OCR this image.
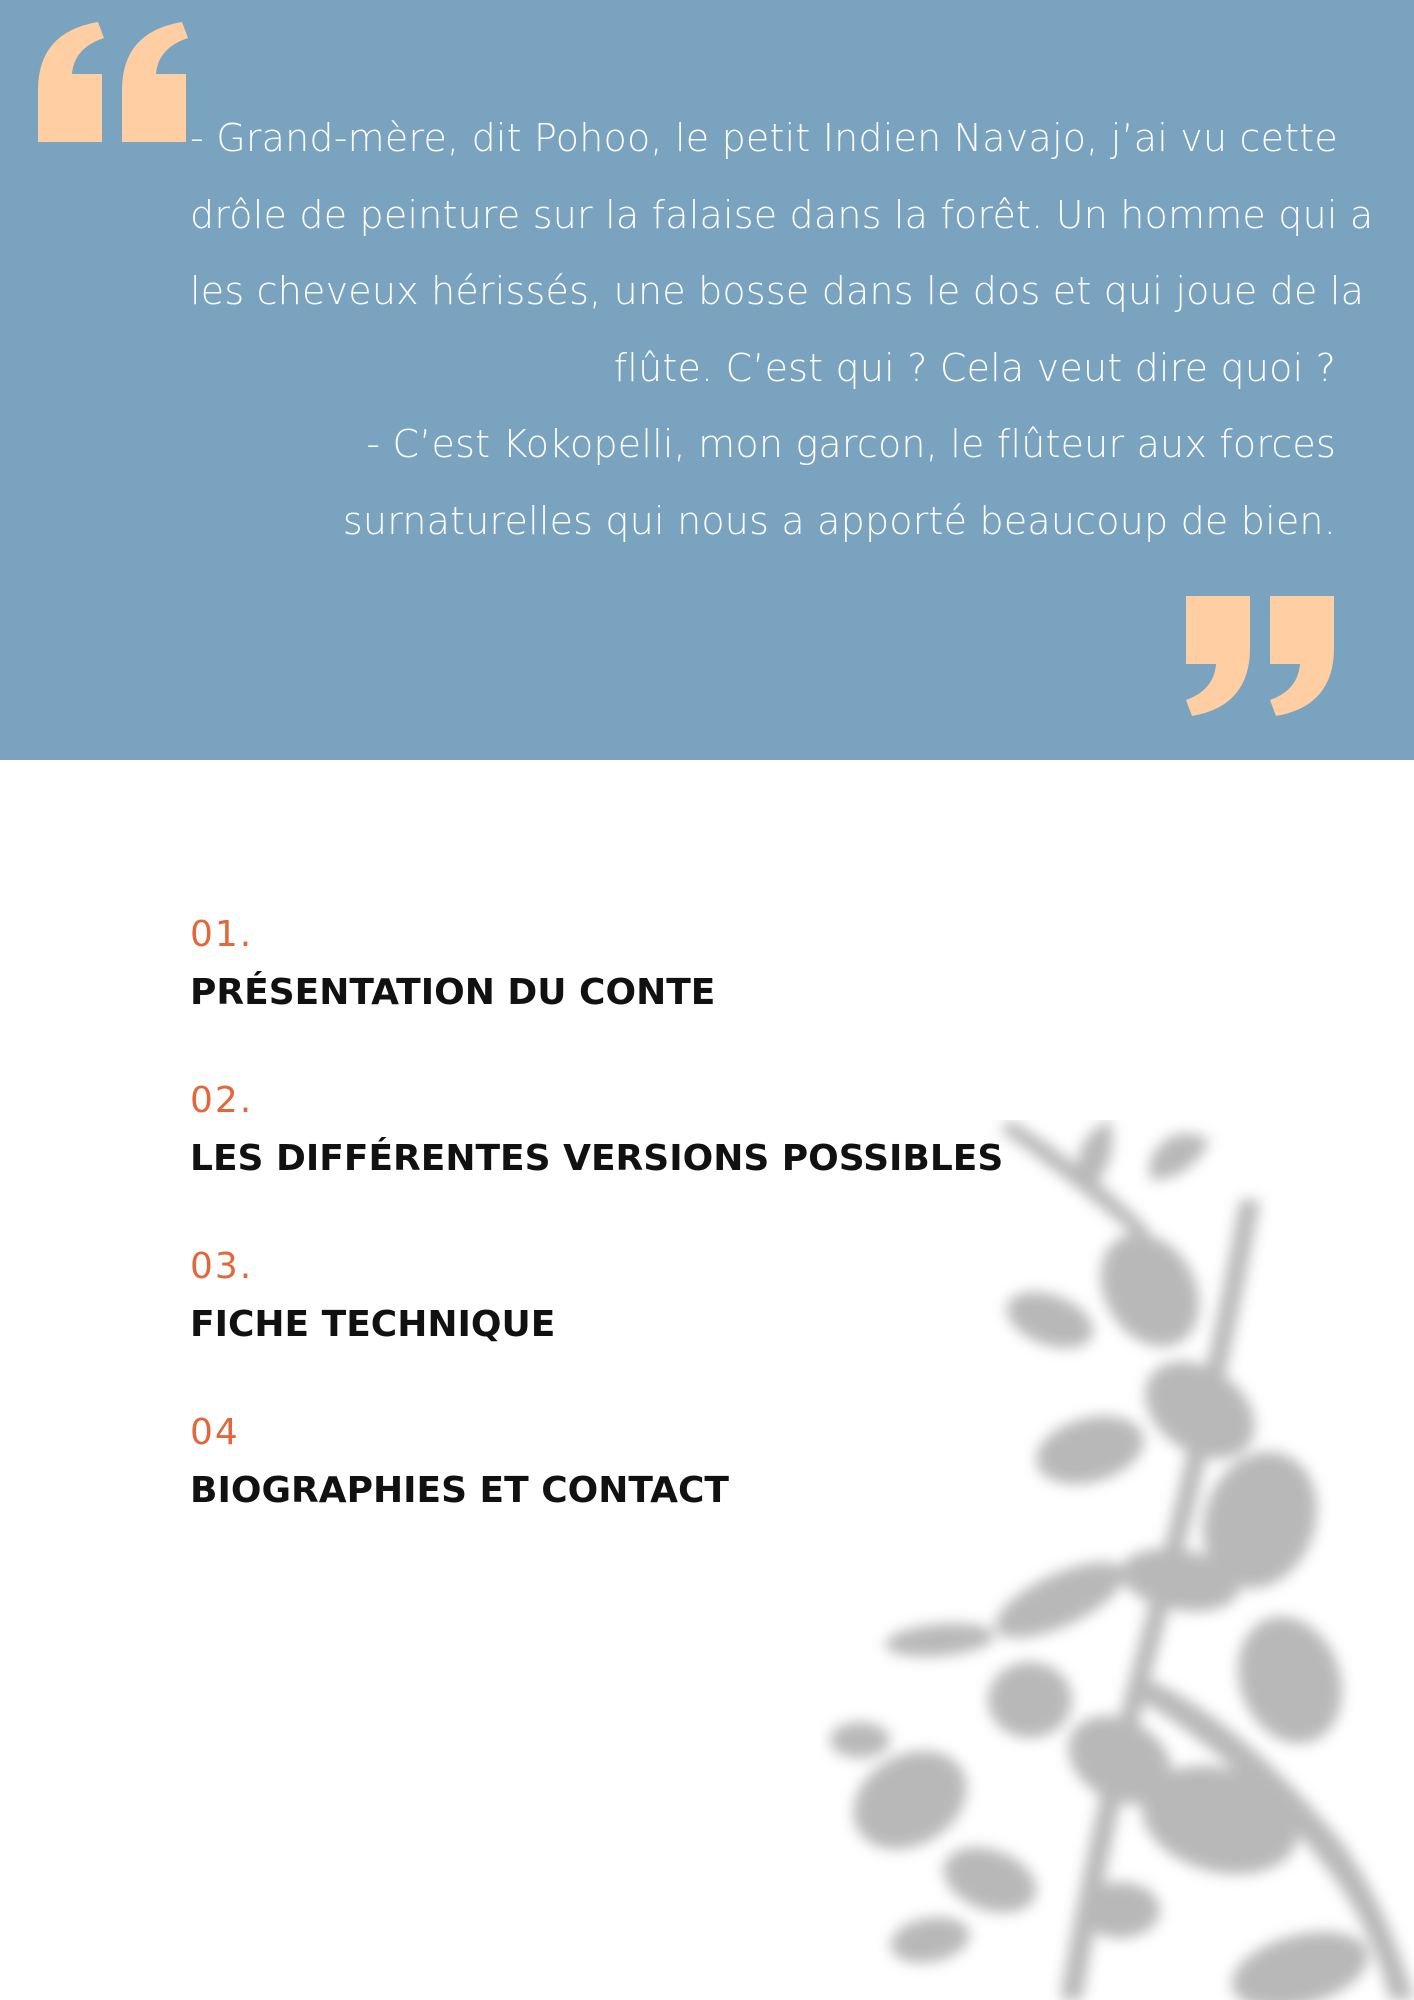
- Grand-mère, dit Pohoo, le petit Indien Navajo, j’ai vu cette
drôle de peinture sur la falaise dans la forêt. Un homme qui a
les cheveux hérissés, une bosse dans le dos et qui joue de la
flûte. C’est qui ? Cela veut dire quoi ?
- C’est Kokopelli, mon garcon, le flûteur aux forces
surnaturelles qui nous a apporté beaucoup de bien.

01.
PRÉSENTATION DU CONTE
02.
LES DIFFÉRENTES VERSIONS POSSIBLES
03.
FICHE TECHNIQUE
04
BIOGRAPHIES ET CONTACT
